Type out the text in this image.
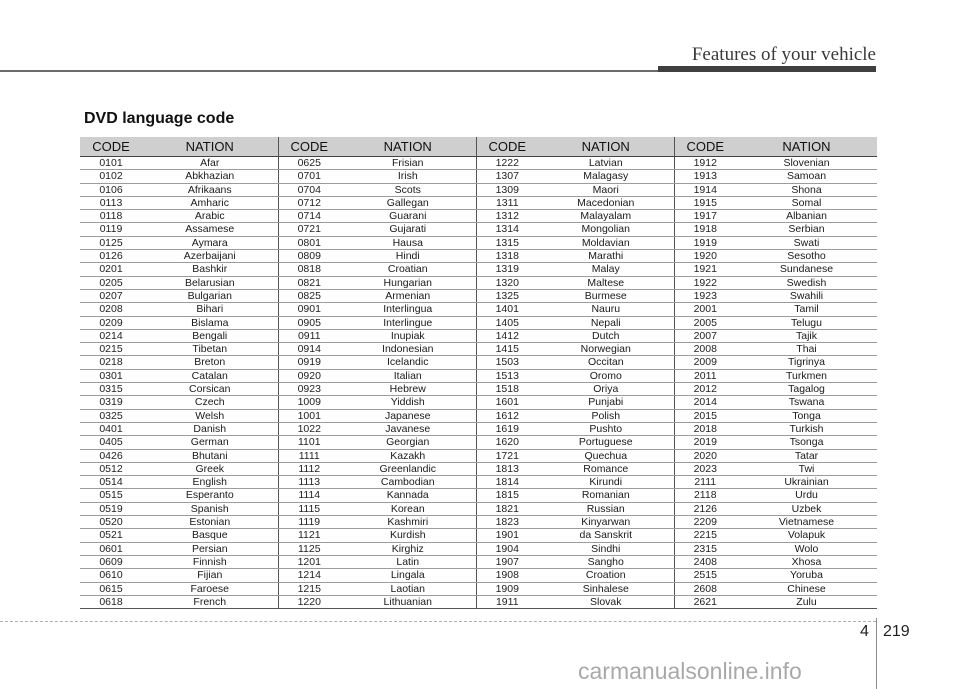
Features of your vehicle
DVD language code
CODE	NATION	CODE	NATION	CODE	NATION	CODE	NATION
0101	Afar	0625	Frisian	1222	Latvian	1912	Slovenian
0102	Abkhazian	0701	Irish	1307	Malagasy	1913	Samoan
0106	Afrikaans	0704	Scots	1309	Maori	1914	Shona
0113	Amharic	0712	Gallegan	1311	Macedonian	1915	Somal
0118	Arabic	0714	Guarani	1312	Malayalam	1917	Albanian
0119	Assamese	0721	Gujarati	1314	Mongolian	1918	Serbian
0125	Aymara	0801	Hausa	1315	Moldavian	1919	Swati
0126	Azerbaijani	0809	Hindi	1318	Marathi	1920	Sesotho
0201	Bashkir	0818	Croatian	1319	Malay	1921	Sundanese
0205	Belarusian	0821	Hungarian	1320	Maltese	1922	Swedish
0207	Bulgarian	0825	Armenian	1325	Burmese	1923	Swahili
0208	Bihari	0901	Interlingua	1401	Nauru	2001	Tamil
0209	Bislama	0905	Interlingue	1405	Nepali	2005	Telugu
0214	Bengali	0911	Inupiak	1412	Dutch	2007	Tajik
0215	Tibetan	0914	Indonesian	1415	Norwegian	2008	Thai
0218	Breton	0919	Icelandic	1503	Occitan	2009	Tigrinya
0301	Catalan	0920	Italian	1513	Oromo	2011	Turkmen
0315	Corsican	0923	Hebrew	1518	Oriya	2012	Tagalog
0319	Czech	1009	Yiddish	1601	Punjabi	2014	Tswana
0325	Welsh	1001	Japanese	1612	Polish	2015	Tonga
0401	Danish	1022	Javanese	1619	Pushto	2018	Turkish
0405	German	1101	Georgian	1620	Portuguese	2019	Tsonga
0426	Bhutani	1111	Kazakh	1721	Quechua	2020	Tatar
0512	Greek	1112	Greenlandic	1813	Romance	2023	Twi
0514	English	1113	Cambodian	1814	Kirundi	2111	Ukrainian
0515	Esperanto	1114	Kannada	1815	Romanian	2118	Urdu
0519	Spanish	1115	Korean	1821	Russian	2126	Uzbek
0520	Estonian	1119	Kashmiri	1823	Kinyarwan	2209	Vietnamese
0521	Basque	1121	Kurdish	1901	da Sanskrit	2215	Volapuk
0601	Persian	1125	Kirghiz	1904	Sindhi	2315	Wolo
0609	Finnish	1201	Latin	1907	Sangho	2408	Xhosa
0610	Fijian	1214	Lingala	1908	Croation	2515	Yoruba
0615	Faroese	1215	Laotian	1909	Sinhalese	2608	Chinese
0618	French	1220	Lithuanian	1911	Slovak	2621	Zulu
4 219
carmanualsonline.info
